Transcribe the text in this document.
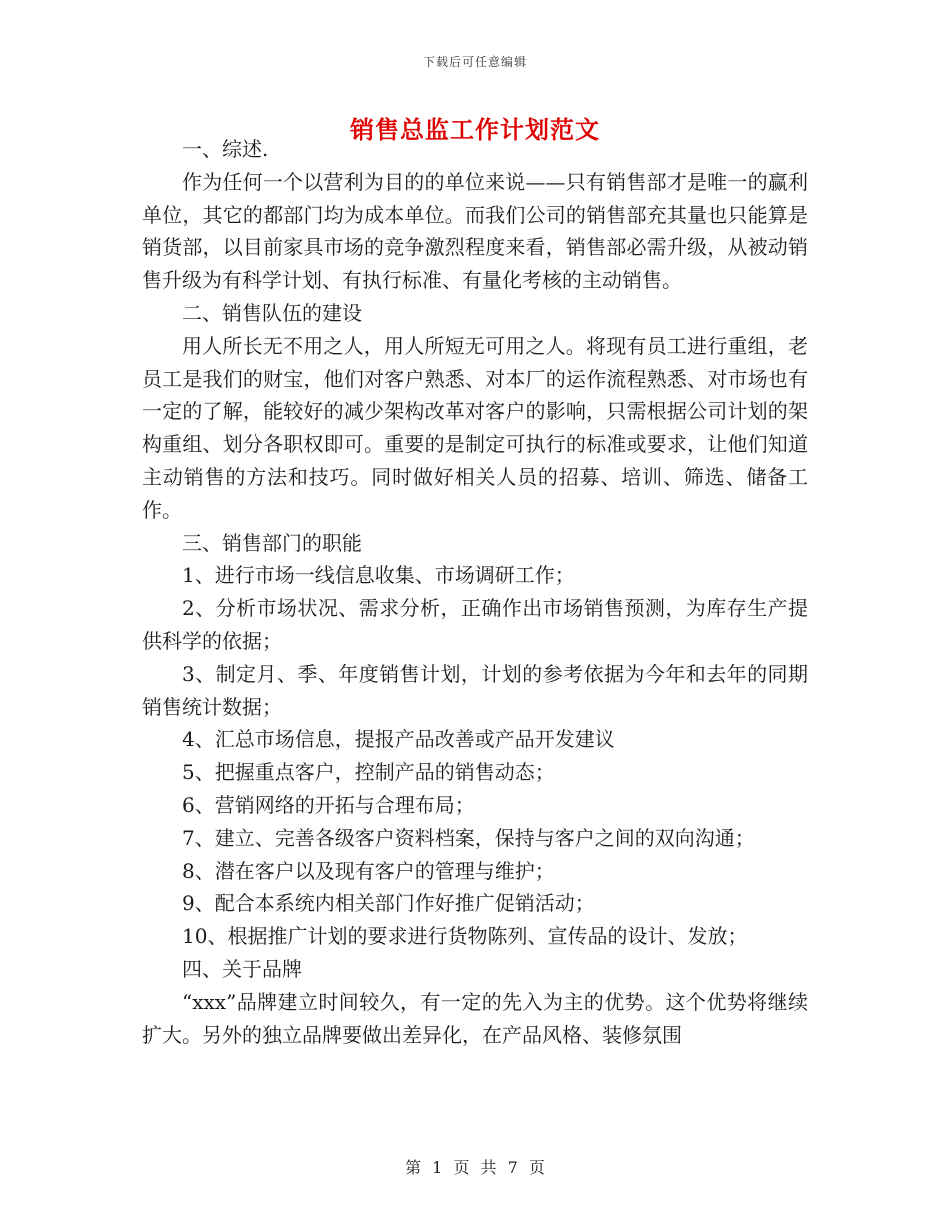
下载后可任意编辑
销售总监工作计划范文

一、综述.

作为任何一个以营利为目的的单位来说——只有销售部才是唯一的赢利单位，其它的都部门均为成本单位。而我们公司的销售部充其量也只能算是销货部，以目前家具市场的竞争激烈程度来看，销售部必需升级，从被动销售升级为有科学计划、有执行标准、有量化考核的主动销售。

二、销售队伍的建设

用人所长无不用之人，用人所短无可用之人。将现有员工进行重组，老员工是我们的财宝，他们对客户熟悉、对本厂的运作流程熟悉、对市场也有一定的了解，能较好的减少架构改革对客户的影响，只需根据公司计划的架构重组、划分各职权即可。重要的是制定可执行的标准或要求，让他们知道主动销售的方法和技巧。同时做好相关人员的招募、培训、筛选、储备工作。

三、销售部门的职能

1、进行市场一线信息收集、市场调研工作；

2、分析市场状况、需求分析，正确作出市场销售预测，为库存生产提供科学的依据；

3、制定月、季、年度销售计划，计划的参考依据为今年和去年的同期销售统计数据；

4、汇总市场信息，提报产品改善或产品开发建议

5、把握重点客户，控制产品的销售动态；

6、营销网络的开拓与合理布局；

7、建立、完善各级客户资料档案，保持与客户之间的双向沟通；

8、潜在客户以及现有客户的管理与维护；

9、配合本系统内相关部门作好推广促销活动；

10、根据推广计划的要求进行货物陈列、宣传品的设计、发放；

四、关于品牌

“xxx”品牌建立时间较久，有一定的先入为主的优势。这个优势将继续扩大。另外的独立品牌要做出差异化，在产品风格、装修氛围

第 1 页 共 7 页
